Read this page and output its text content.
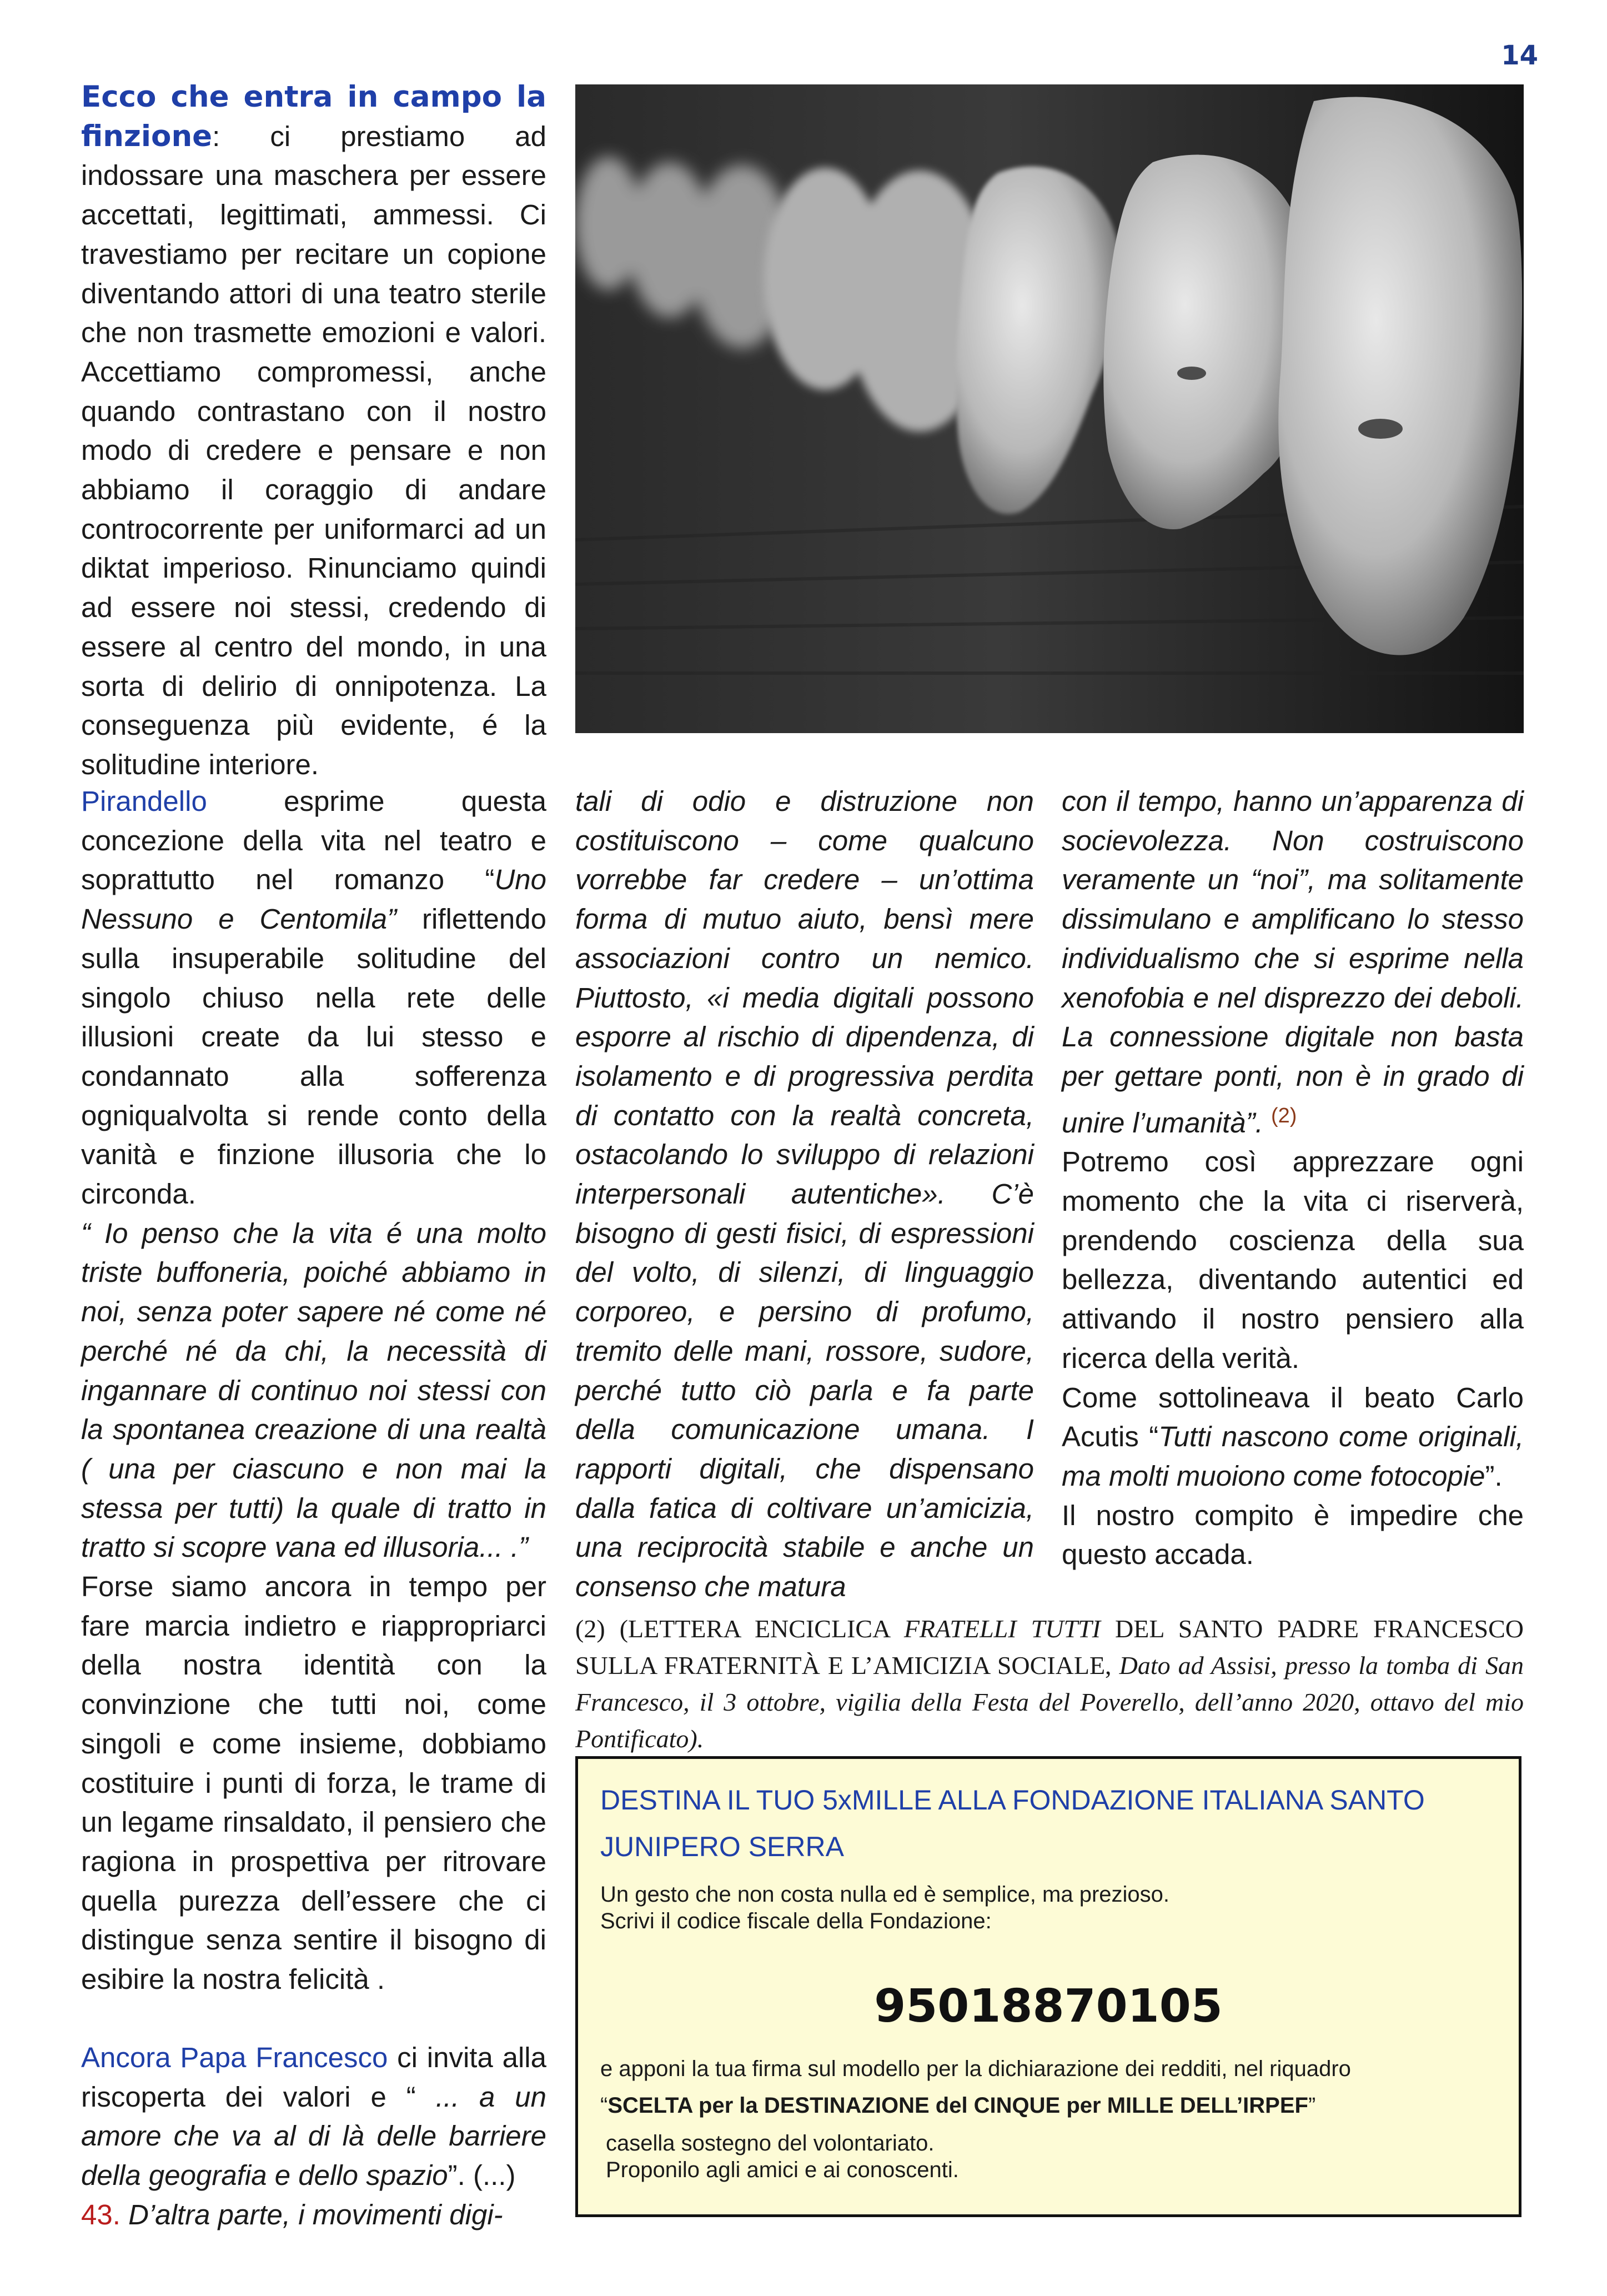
14

Ecco che entra in campo la finzione: ci prestiamo ad indossare una maschera per essere accettati, legittimati, ammessi. Ci travestiamo per recitare un copione diventando attori di una teatro sterile che non trasmette emozioni e valori. Accettiamo compromessi, anche quando contrastano con il nostro modo di credere e pensare e non abbiamo il coraggio di andare controcorrente per uniformarci ad un diktat imperioso. Rinunciamo quindi ad essere noi stessi, credendo di essere al centro del mondo, in una sorta di delirio di onnipotenza. La conseguenza più evidente, é la solitudine interiore.

Pirandello esprime questa concezione della vita nel teatro e soprattutto nel romanzo “Uno Nessuno e Centomila” riflettendo sulla insuperabile solitudine del singolo chiuso nella rete delle illusioni create da lui stesso e condannato alla sofferenza ogniqualvolta si rende conto della vanità e finzione illusoria che lo circonda.

“ Io penso che la vita é una molto triste buffoneria, poiché abbiamo in noi, senza poter sapere né come né perché né da chi, la necessità di ingannare di continuo noi stessi con la spontanea creazione di una realtà ( una per ciascuno e non mai la stessa per tutti) la quale di tratto in tratto si scopre vana ed illusoria... .”

Forse siamo ancora in tempo per fare marcia indietro e riappropriarci della nostra identità con la convinzione che tutti noi, come singoli e come insieme, dobbiamo costituire i punti di forza, le trame di un legame rinsaldato, il pensiero che ragiona in prospettiva per ritrovare quella purezza dell’essere che ci distingue senza sentire il bisogno di esibire la nostra felicità .

Ancora Papa Francesco ci invita alla riscoperta dei valori e “ ... a un amore che va al di là delle barriere della geografia e dello spazio”. (...)

43. D’altra parte, i movimenti digi-

tali di odio e distruzione non costituiscono – come qualcuno vorrebbe far credere – un’ottima forma di mutuo aiuto, bensì mere associazioni contro un nemico. Piuttosto, «i media digitali possono esporre al rischio di dipendenza, di isolamento e di progressiva perdita di contatto con la realtà concreta, ostacolando lo sviluppo di relazioni interpersonali autentiche». C’è bisogno di gesti fisici, di espressioni del volto, di silenzi, di linguaggio corporeo, e persino di profumo, tremito delle mani, rossore, sudore, perché tutto ciò parla e fa parte della comunicazione umana. I rapporti digitali, che dispensano dalla fatica di coltivare un’amicizia, una reciprocità stabile e anche un consenso che matura

con il tempo, hanno un’apparenza di socievolezza. Non costruiscono veramente un “noi”, ma solitamente dissimulano e amplificano lo stesso individualismo che si esprime nella xenofobia e nel disprezzo dei deboli. La connessione digitale non basta per gettare ponti, non è in grado di unire l’umanità”. $^{(2)}$

Potremo così apprezzare ogni momento che la vita ci riserverà, prendendo coscienza della sua bellezza, diventando autentici ed attivando il nostro pensiero alla ricerca della verità.

Come sottolineava il beato Carlo Acutis “Tutti nascono come originali, ma molti muoiono come fotocopie”.

Il nostro compito è impedire che questo accada.

(2) (LETTERA ENCICLICA FRATELLI TUTTI DEL SANTO PADRE FRANCESCO SULLA FRATERNITÀ E L’AMICIZIA SOCIALE, Dato ad Assisi, presso la tomba di San Francesco, il 3 ottobre, vigilia della Festa del Poverello, dell’anno 2020, ottavo del mio Pontificato).
DESTINA IL TUO 5xMILLE ALLA FONDAZIONE ITALIANA SANTO JUNIPERO SERRA
Un gesto che non costa nulla ed è semplice, ma prezioso.
Scrivi il codice fiscale della Fondazione:
95018870105
e apponi la tua firma sul modello per la dichiarazione dei redditi, nel riquadro
“SCELTA per la DESTINAZIONE del CINQUE per MILLE DELL’IRPEF”
casella sostegno del volontariato.
Proponilo agli amici e ai conoscenti.
